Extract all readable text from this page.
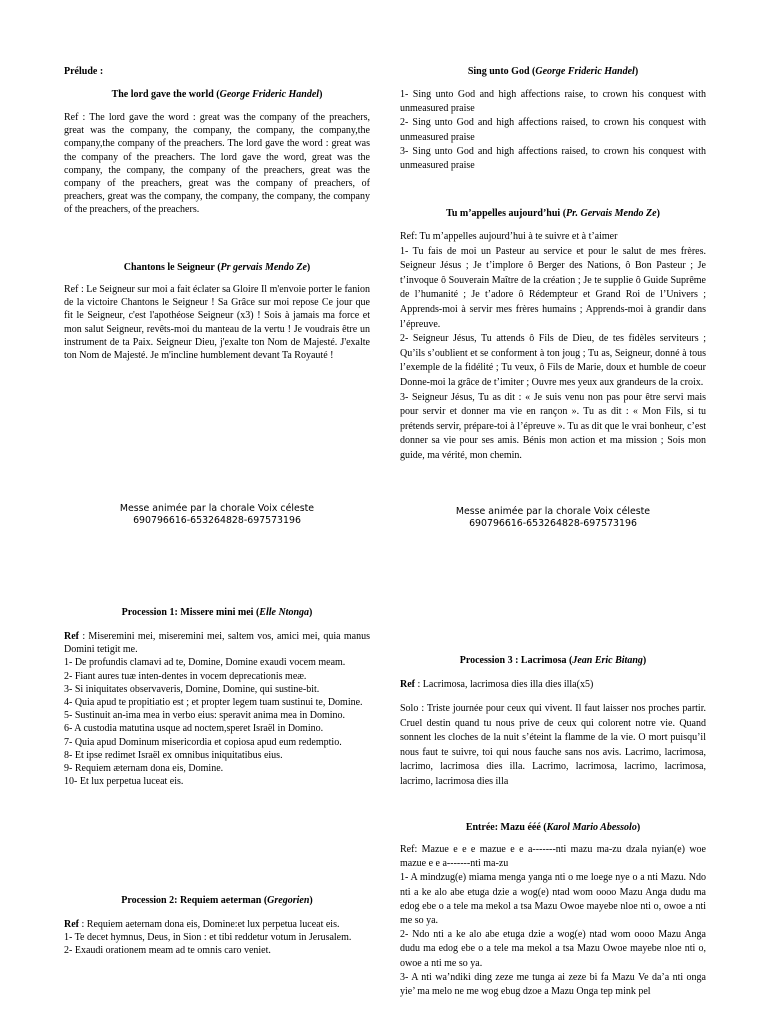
Prélude :
The lord gave the world (George Frideric Handel)
Ref : The lord gave the word : great was the company of the preachers, great was the company, the company, the company, the company,the company,the company of the preachers. The lord gave the word : great was the company of the preachers. The lord gave the word, great was the company, the company, the company of the preachers, great was the company of the preachers, great was the company of preachers, of preachers, great was the company, the company, the company, the company of the preachers, of the preachers.
Chantons le Seigneur (Pr gervais Mendo Ze)
Ref : Le Seigneur sur moi a fait éclater sa Gloire Il m'envoie porter le fanion de la victoire Chantons le Seigneur ! Sa Grâce sur moi repose Ce jour que fit le Seigneur, c'est l'apothéose Seigneur (x3) ! Sois à jamais ma force et mon salut Seigneur, revêts-moi du manteau de la vertu ! Je voudrais être un instrument de ta Paix. Seigneur Dieu, j'exalte ton Nom de Majesté. J'exalte ton Nom de Majesté. Je m'incline humblement devant Ta Royauté !
Messe animée par la chorale Voix céleste
690796616-653264828-697573196
Procession 1: Missere mini mei (Elle Ntonga)

Ref : Miseremini mei, miseremini mei, saltem vos, amici mei, quia manus Domini tetigit me.

1- De profundis clamavi ad te, Domine, Domine exaudi vocem meam.

2- Fiant aures tuæ inten-dentes in vocem deprecationis meæ.

3- Si iniquitates observaveris, Domine, Domine, qui sustine-bit.

4- Quia apud te propitiatio est ; et propter legem tuam sustinui te, Domine.

5- Sustinuit an-ima mea in verbo eius: speravit anima mea in Domino.

6- A custodia matutina usque ad noctem,speret Israël in Domino.

7- Quia apud Dominum misericordia et copiosa apud eum redemptio.

8- Et ipse redimet Israël ex omnibus iniquitatibus eius.

9- Requiem æternam dona eis, Domine.

10- Et lux perpetua luceat eis.

Procession 2: Requiem aeterman (Gregorien)

Ref : Requiem aeternam dona eis, Domine:et lux perpetua luceat eis.

1- Te decet hymnus, Deus, in Sion : et tibi reddetur votum in Jerusalem.

2- Exaudi orationem meam ad te omnis caro veniet.

Sing unto God (George Frideric Handel)

1- Sing unto God and high affections raise, to crown his conquest with unmeasured praise

2- Sing unto God and high affections raised, to crown his conquest with unmeasured praise

3- Sing unto God and high affections raised, to crown his conquest with unmeasured praise

Tu m’appelles aujourd’hui (Pr. Gervais Mendo Ze)

Ref: Tu m’appelles aujourd’hui à te suivre et à t’aimer

1- Tu fais de moi un Pasteur au service et pour le salut de mes frères. Seigneur Jésus ; Je t’implore ô Berger des Nations, ô Bon Pasteur ; Je t’invoque ô Souverain Maître de la création ; Je te supplie ô Guide Suprême de l’humanité ; Je t’adore ô Rédempteur et Grand Roi de l’Univers ; Apprends-moi à servir mes frères humains ; Apprends-moi à grandir dans l’épreuve.

2- Seigneur Jésus, Tu attends ô Fils de Dieu, de tes fidèles serviteurs ; Qu’ils s’oublient et se conforment à ton joug ; Tu as, Seigneur, donné à tous l’exemple de la fidélité ; Tu veux, ô Fils de Marie, doux et humble de coeur Donne-moi la grâce de t’imiter ; Ouvre mes yeux aux grandeurs de la croix.

3- Seigneur Jésus, Tu as dit : « Je suis venu non pas pour être servi mais pour servir et donner ma vie en rançon ». Tu as dit : « Mon Fils, si tu prétends servir, prépare-toi à l’épreuve ». Tu as dit que le vrai bonheur, c’est donner sa vie pour ses amis. Bénis mon action et ma mission ; Sois mon guide, ma vérité, mon chemin.

Messe animée par la chorale Voix céleste
690796616-653264828-697573196
Procession 3 : Lacrimosa (Jean Eric Bitang)

Ref : Lacrimosa, lacrimosa dies illa dies illa(x5)

Solo : Triste journée pour ceux qui vivent. Il faut laisser nos proches partir. Cruel destin quand tu nous prive de ceux qui colorent notre vie. Quand sonnent les cloches de la nuit s’éteint la flamme de la vie. O mort puisqu’il nous faut te suivre, toi qui nous fauche sans nos avis. Lacrimo, lacrimosa, lacrimo, lacrimosa dies illa. Lacrimo, lacrimosa, lacrimo, lacrimosa, lacrimo, lacrimosa dies illa
Entrée: Mazu ééé (Karol Mario Abessolo)

Ref: Mazue e e e mazue e e a-------nti mazu ma-zu dzala nyian(e) woe mazue e e a-------nti ma-zu

1- A mindzug(e) miama menga yanga nti o me loege nye o a nti Mazu. Ndo nti a ke alo abe etuga dzie a wog(e) ntad wom oooo Mazu Anga dudu ma edog ebe o a tele ma mekol a tsa Mazu Owoe mayebe nloe nti o, owoe a nti me so ya.

2- Ndo nti a ke alo abe etuga dzie a wog(e) ntad wom oooo Mazu Anga dudu ma edog ebe o a tele ma mekol a tsa Mazu Owoe mayebe nloe nti o, owoe a nti me so ya.

3- A nti wa’ndiki ding zeze me tunga ai zeze bi fa Mazu Ve da’a nti onga yie’ ma melo ne me wog ebug dzoe a Mazu Onga tep mink pel
